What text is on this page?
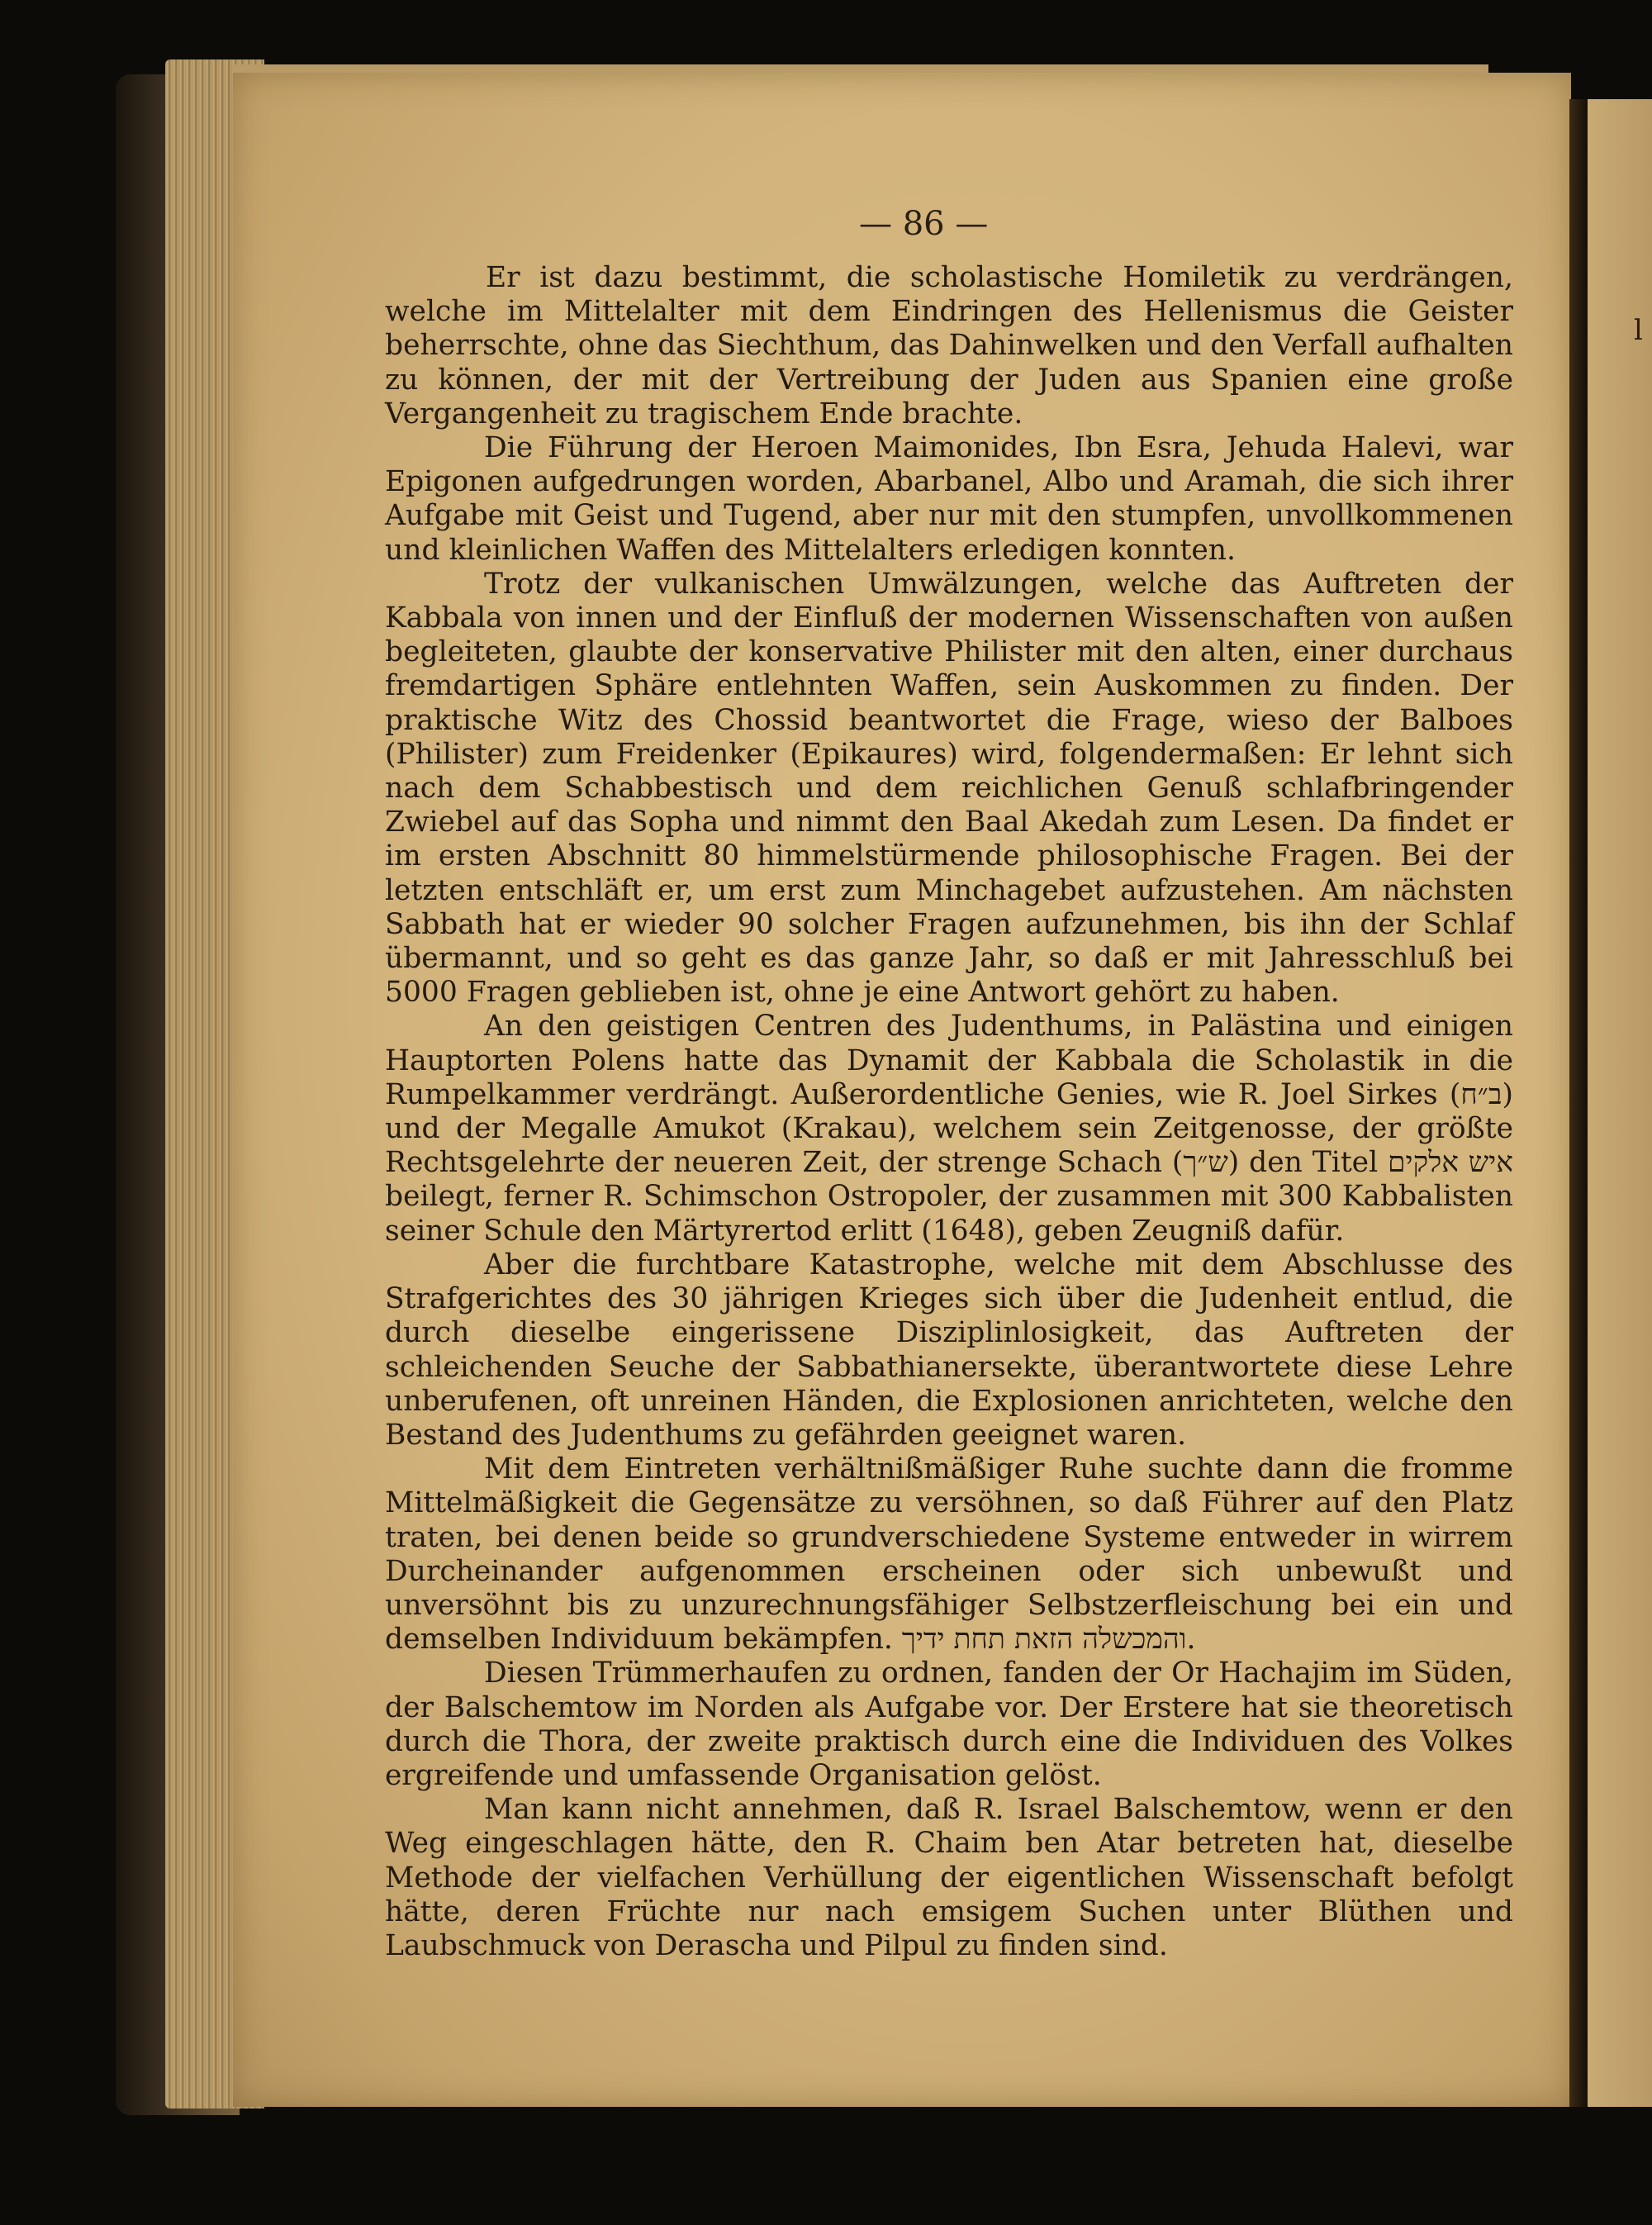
l
— 86 —

Er ist dazu bestimmt, die scholastische Homiletik zu verdrängen, welche im Mittelalter mit dem Eindringen des Hellenismus die Geister beherrschte, ohne das Siechthum, das Dahinwelken und den Verfall aufhalten zu können, der mit der Vertreibung der Juden aus Spanien eine große Vergangenheit zu tragischem Ende brachte.

Die Führung der Heroen Maimonides, Ibn Esra, Jehuda Halevi, war Epigonen aufgedrungen worden, Abarbanel, Albo und Aramah, die sich ihrer Aufgabe mit Geist und Tugend, aber nur mit den stumpfen, unvollkommenen und kleinlichen Waffen des Mittelalters erledigen konnten.

Trotz der vulkanischen Umwälzungen, welche das Auftreten der Kabbala von innen und der Einfluß der modernen Wissenschaften von außen begleiteten, glaubte der konservative Philister mit den alten, einer durchaus fremdartigen Sphäre entlehnten Waffen, sein Auskommen zu finden. Der praktische Witz des Chossid beantwortet die Frage, wieso der Balboes (Philister) zum Freidenker (Epikaures) wird, folgendermaßen: Er lehnt sich nach dem Schabbestisch und dem reichlichen Genuß schlafbringender Zwiebel auf das Sopha und nimmt den Baal Akedah zum Lesen. Da findet er im ersten Abschnitt 80 himmelstürmende philosophische Fragen. Bei der letzten entschläft er, um erst zum Minchagebet aufzustehen. Am nächsten Sabbath hat er wieder 90 solcher Fragen aufzunehmen, bis ihn der Schlaf übermannt, und so geht es das ganze Jahr, so daß er mit Jahresschluß bei 5000 Fragen geblieben ist, ohne je eine Antwort gehört zu haben.

An den geistigen Centren des Judenthums, in Palästina und einigen Hauptorten Polens hatte das Dynamit der Kabbala die Scholastik in die Rumpelkammer verdrängt. Außerordentliche Genies, wie R. Joel Sirkes (ב״ח) und der Megalle Amukot (Krakau), welchem sein Zeitgenosse, der größte Rechtsgelehrte der neueren Zeit, der strenge Schach (ש״ך) den Titel איש אלקים beilegt, ferner R. Schimschon Ostropoler, der zusammen mit 300 Kabbalisten seiner Schule den Märtyrertod erlitt (1648), geben Zeugniß dafür.

Aber die furchtbare Katastrophe, welche mit dem Abschlusse des Strafgerichtes des 30 jährigen Krieges sich über die Judenheit entlud, die durch dieselbe eingerissene Disziplinlosigkeit, das Auftreten der schleichenden Seuche der Sabbathianersekte, überantwortete diese Lehre unberufenen, oft unreinen Händen, die Explosionen anrichteten, welche den Bestand des Judenthums zu gefährden geeignet waren.

Mit dem Eintreten verhältnißmäßiger Ruhe suchte dann die fromme Mittelmäßigkeit die Gegensätze zu versöhnen, so daß Führer auf den Platz traten, bei denen beide so grundverschiedene Systeme entweder in wirrem Durcheinander aufgenommen erscheinen oder sich unbewußt und unversöhnt bis zu unzurechnungsfähiger Selbstzerfleischung bei ein und demselben Individuum bekämpfen. והמכשלה הזאת תחת ידיך.

Diesen Trümmerhaufen zu ordnen, fanden der Or Hachajim im Süden, der Balschemtow im Norden als Aufgabe vor. Der Erstere hat sie theoretisch durch die Thora, der zweite praktisch durch eine die Individuen des Volkes ergreifende und umfassende Organisation gelöst.

Man kann nicht annehmen, daß R. Israel Balschemtow, wenn er den Weg eingeschlagen hätte, den R. Chaim ben Atar betreten hat, dieselbe Methode der vielfachen Verhüllung der eigentlichen Wissenschaft befolgt hätte, deren Früchte nur nach emsigem Suchen unter Blüthen und Laubschmuck von Derascha und Pilpul zu finden sind.
